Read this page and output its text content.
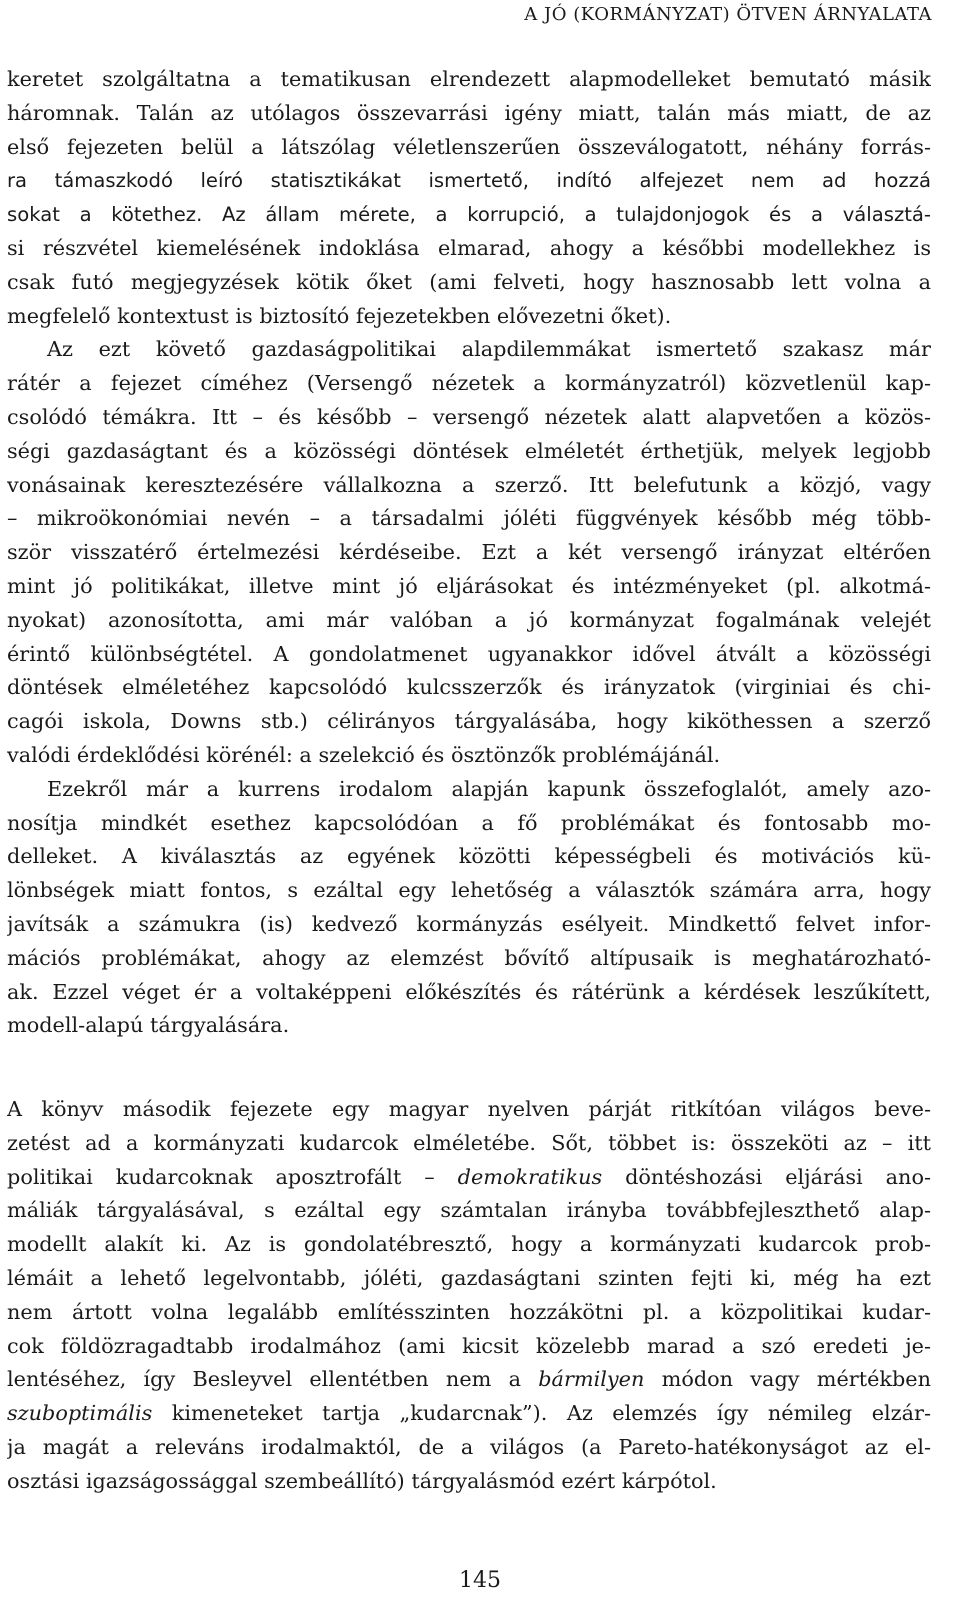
A JÓ (KORMÁNYZAT) ÖTVEN ÁRNYALATA
keretet szolgáltatna a tematikusan elrendezett alapmodelleket bemutató másik
háromnak. Talán az utólagos összevarrási igény miatt, talán más miatt, de az
első fejezeten belül a látszólag véletlenszerűen összeválogatott, néhány forrás-
ra támaszkodó leíró statisztikákat ismertető, indító alfejezet nem ad hozzá
sokat a kötethez. Az állam mérete, a korrupció, a tulajdonjogok és a választá-
si részvétel kiemelésének indoklása elmarad, ahogy a későbbi modellekhez is
csak futó megjegyzések kötik őket (ami felveti, hogy hasznosabb lett volna a
megfelelő kontextust is biztosító fejezetekben elővezetni őket).
Az ezt követő gazdaságpolitikai alapdilemmákat ismertető szakasz már
rátér a fejezet címéhez (Versengő nézetek a kormányzatról) közvetlenül kap-
csolódó témákra. Itt – és később – versengő nézetek alatt alapvetően a közös-
ségi gazdaságtant és a közösségi döntések elméletét érthetjük, melyek legjobb
vonásainak keresztezésére vállalkozna a szerző. Itt belefutunk a közjó, vagy
– mikroökonómiai nevén – a társadalmi jóléti függvények később még több-
ször visszatérő értelmezési kérdéseibe. Ezt a két versengő irányzat eltérően
mint jó politikákat, illetve mint jó eljárásokat és intézményeket (pl. alkotmá-
nyokat) azonosította, ami már valóban a jó kormányzat fogalmának velejét
érintő különbségtétel. A gondolatmenet ugyanakkor idővel átvált a közösségi
döntések elméletéhez kapcsolódó kulcsszerzők és irányzatok (virginiai és chi-
cagói iskola, Downs stb.) célirányos tárgyalásába, hogy kiköthessen a szerző
valódi érdeklődési körénél: a szelekció és ösztönzők problémájánál.
Ezekről már a kurrens irodalom alapján kapunk összefoglalót, amely azo-
nosítja mindkét esethez kapcsolódóan a fő problémákat és fontosabb mo-
delleket. A kiválasztás az egyének közötti képességbeli és motivációs kü-
lönbségek miatt fontos, s ezáltal egy lehetőség a választók számára arra, hogy
javítsák a számukra (is) kedvező kormányzás esélyeit. Mindkettő felvet infor-
mációs problémákat, ahogy az elemzést bővítő altípusaik is meghatározható-
ak. Ezzel véget ér a voltaképpeni előkészítés és rátérünk a kérdések leszűkített,
modell-alapú tárgyalására.
A könyv második fejezete egy magyar nyelven párját ritkítóan világos beve-
zetést ad a kormányzati kudarcok elméletébe. Sőt, többet is: összeköti az – itt
politikai kudarcoknak aposztrofált – demokratikus döntéshozási eljárási ano-
máliák tárgyalásával, s ezáltal egy számtalan irányba továbbfejleszthető alap-
modellt alakít ki. Az is gondolatébresztő, hogy a kormányzati kudarcok prob-
lémáit a lehető legelvontabb, jóléti, gazdaságtani szinten fejti ki, még ha ezt
nem ártott volna legalább említésszinten hozzákötni pl. a közpolitikai kudar-
cok földözragadtabb irodalmához (ami kicsit közelebb marad a szó eredeti je-
lentéséhez, így Besleyvel ellentétben nem a bármilyen módon vagy mértékben
szuboptimális kimeneteket tartja „kudarcnak”). Az elemzés így némileg elzár-
ja magát a releváns irodalmaktól, de a világos (a Pareto-hatékonyságot az el-
osztási igazságossággal szembeállító) tárgyalásmód ezért kárpótol.
145
